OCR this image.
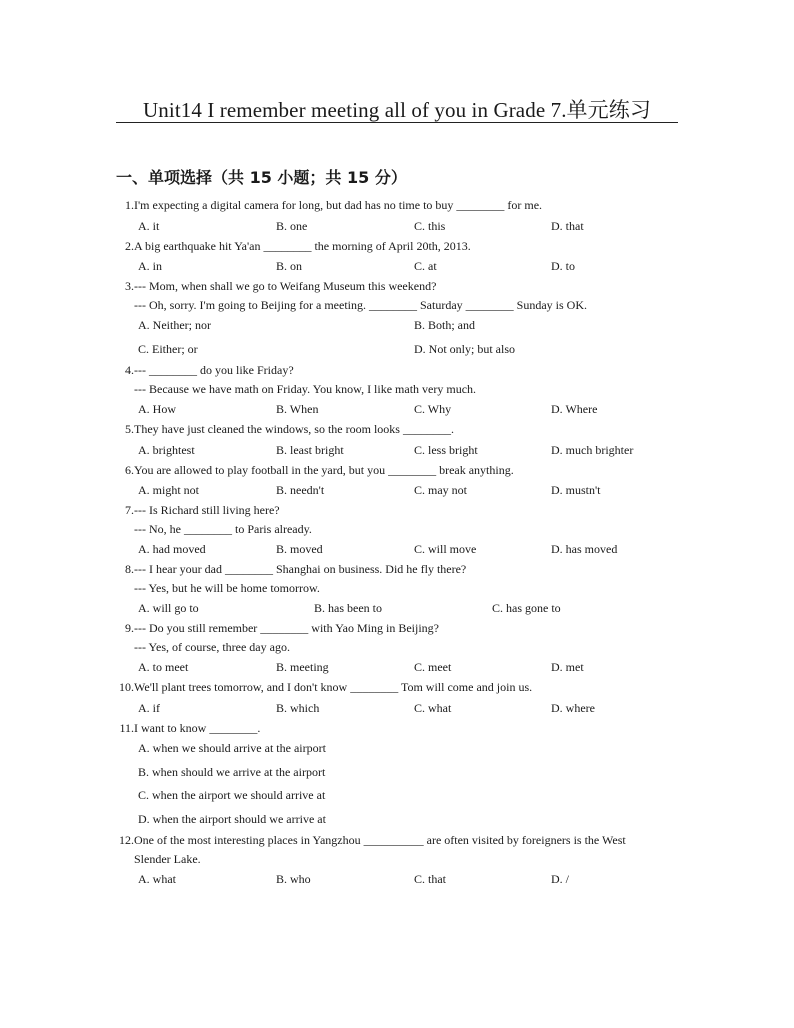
Unit14 I remember meeting all of you in Grade 7.单元练习
一、单项选择（共 15 小题；共 15 分）
1. I'm expecting a digital camera for long, but dad has no time to buy ________ for me.
A. it	B. one	C. this	D. that
2. A big earthquake hit Ya'an ________ the morning of April 20th, 2013.
A. in	B. on	C. at	D. to
3. --- Mom, when shall we go to Weifang Museum this weekend?
--- Oh, sorry. I'm going to Beijing for a meeting. ________ Saturday ________ Sunday is OK.
A. Neither; nor	B. Both; and
C. Either; or	D. Not only; but also
4. --- ________ do you like Friday?
--- Because we have math on Friday. You know, I like math very much.
A. How	B. When	C. Why	D. Where
5. They have just cleaned the windows, so the room looks ________.
A. brightest	B. least bright	C. less bright	D. much brighter
6. You are allowed to play football in the yard, but you ________ break anything.
A. might not	B. needn't	C. may not	D. mustn't
7. --- Is Richard still living here?
--- No, he ________ to Paris already.
A. had moved	B. moved	C. will move	D. has moved
8. --- I hear your dad ________ Shanghai on business. Did he fly there?
--- Yes, but he will be home tomorrow.
A. will go to	B. has been to	C. has gone to
9. --- Do you still remember ________ with Yao Ming in Beijing?
--- Yes, of course, three day ago.
A. to meet	B. meeting	C. meet	D. met
10. We'll plant trees tomorrow, and I don't know ________ Tom will come and join us.
A. if	B. which	C. what	D. where
11. I want to know ________.
A. when we should arrive at the airport
B. when should we arrive at the airport
C. when the airport we should arrive at
D. when the airport should we arrive at
12. One of the most interesting places in Yangzhou __________ are often visited by foreigners is the West
Slender Lake.
A. what	B. who	C. that	D. /
